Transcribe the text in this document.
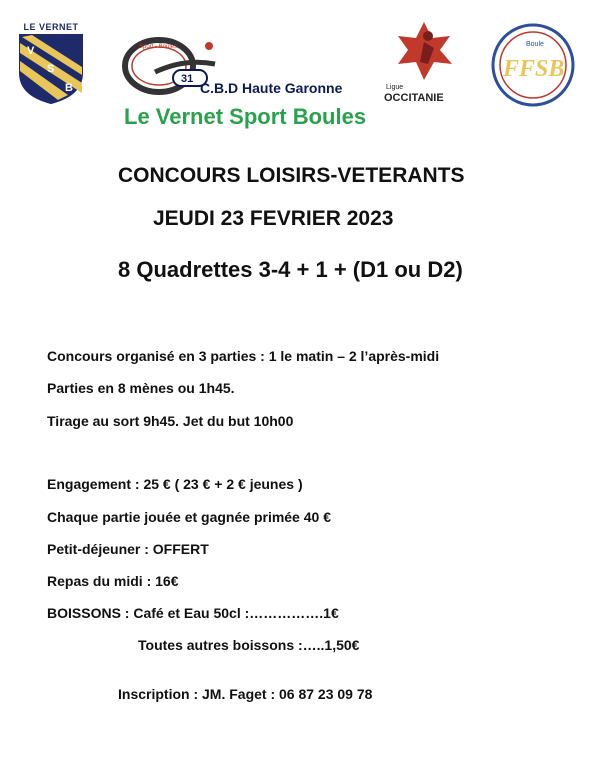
LE VERNET
V
S
B
Sport - Boules
31
C.B.D Haute Garonne
Le Vernet Sport Boules
Ligue
OCCITANIE
Boule
FFSB
CONCOURS LOISIRS-VETERANTS
JEUDI 23 FEVRIER 2023
8 Quadrettes 3-4 + 1 + (D1 ou D2)
Concours organisé en 3 parties : 1 le matin – 2 l’après-midi
Parties en 8 mènes ou 1h45.
Tirage au sort 9h45. Jet du but 10h00
Engagement : 25 € ( 23 € + 2 € jeunes )
Chaque partie jouée et gagnée primée 40 €
Petit-déjeuner : OFFERT
Repas du midi : 16€
BOISSONS : Café et Eau 50cl :…………….1€
Toutes autres boissons :…..1,50€
Inscription : JM. Faget : 06 87 23 09 78
